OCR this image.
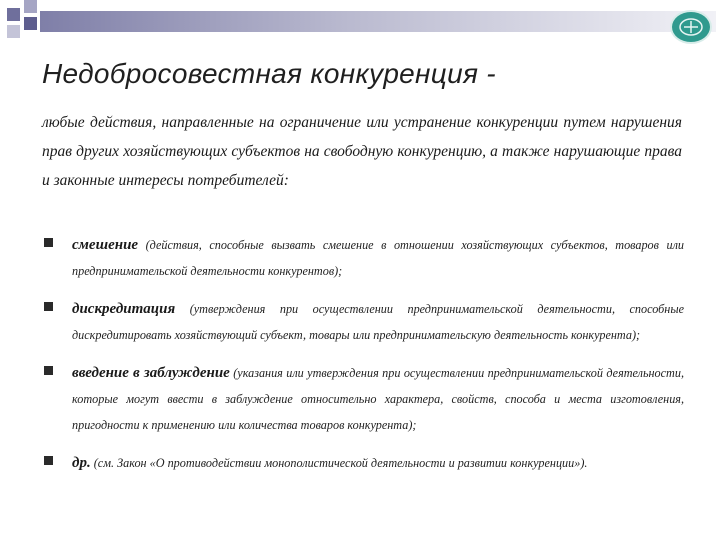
Недобросовестная конкуренция -
любые действия, направленные на ограничение или устранение конкуренции путем нарушения прав других хозяйствующих субъектов на свободную конкуренцию, а также нарушающие права и законные интересы потребителей:
смешение (действия, способные вызвать смешение в отношении хозяйствующих субъектов, товаров или предпринимательской деятельности конкурентов);
дискредитация (утверждения при осуществлении предпринимательской деятельности, способные дискредитировать хозяйствующий субъект, товары или предпринимательскую деятельность конкурента);
введение в заблуждение (указания или утверждения при осуществлении предпринимательской деятельности, которые могут ввести в заблуждение относительно характера, свойств, способа и места изготовления, пригодности к применению или количества товаров конкурента);
др. (см. Закон «О противодействии монополистической деятельности и развитии конкуренции»).
